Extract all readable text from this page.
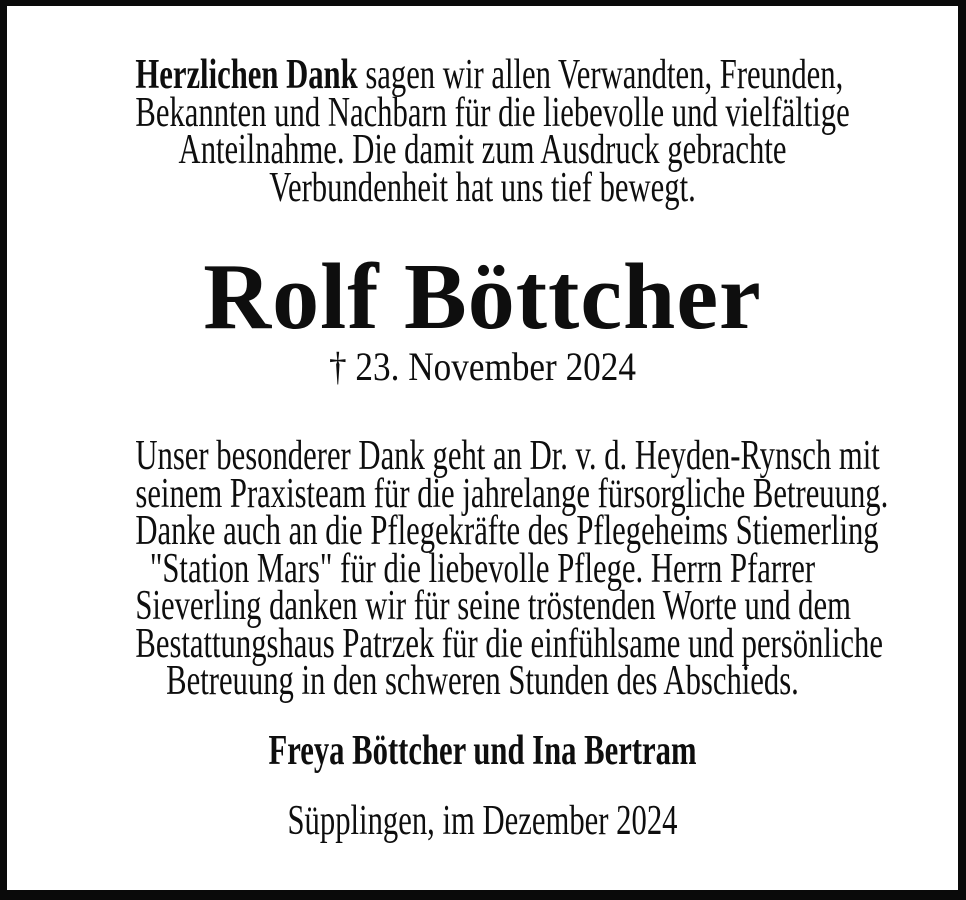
Herzlichen Dank sagen wir allen Verwandten, Freunden,
Bekannten und Nachbarn für die liebevolle und vielfältige
Anteilnahme. Die damit zum Ausdruck gebrachte
Verbundenheit hat uns tief bewegt.
Rolf Böttcher
† 23. November 2024
Unser besonderer Dank geht an Dr. v. d. Heyden-Rynsch mit
seinem Praxisteam für die jahrelange fürsorgliche Betreuung.
Danke auch an die Pflegekräfte des Pflegeheims Stiemerling
"Station Mars" für die liebevolle Pflege. Herrn Pfarrer
Sieverling danken wir für seine tröstenden Worte und dem
Bestattungshaus Patrzek für die einfühlsame und persönliche
Betreuung in den schweren Stunden des Abschieds.
Freya Böttcher und Ina Bertram
Süpplingen, im Dezember 2024
